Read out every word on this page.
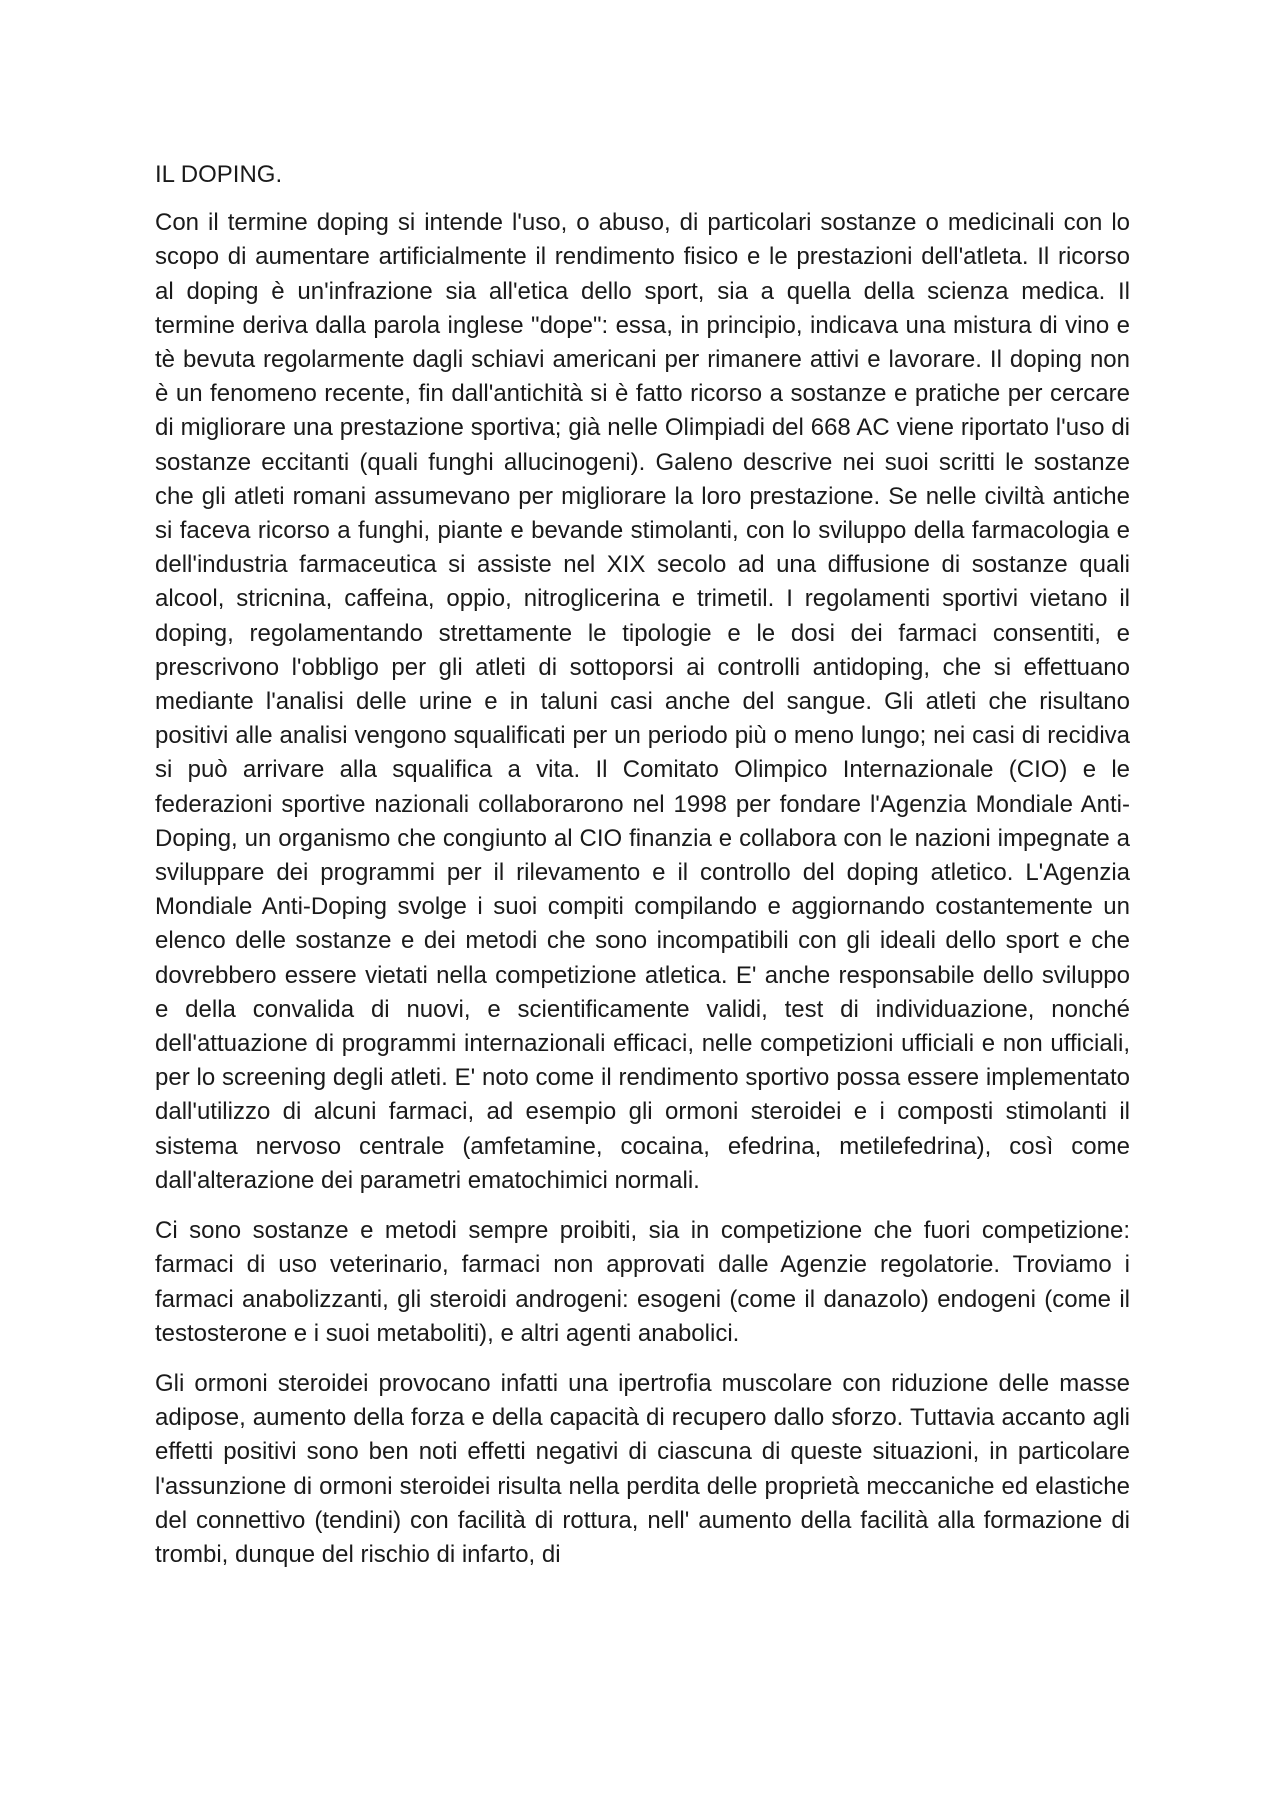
IL DOPING.

Con il termine doping si intende l'uso, o abuso, di particolari sostanze o medicinali con lo scopo di aumentare artificialmente il rendimento fisico e le prestazioni dell'atleta. Il ricorso al doping è un'infrazione sia all'etica dello sport, sia a quella della scienza medica. Il termine deriva dalla parola inglese "dope": essa, in principio, indicava una mistura di vino e tè bevuta regolarmente dagli schiavi americani per rimanere attivi e lavorare. Il doping non è un fenomeno recente, fin dall'antichità si è fatto ricorso a sostanze e pratiche per cercare di migliorare una prestazione sportiva; già nelle Olimpiadi del 668 AC viene riportato l'uso di sostanze eccitanti (quali funghi allucinogeni). Galeno descrive nei suoi scritti le sostanze che gli atleti romani assumevano per migliorare la loro prestazione. Se nelle civiltà antiche si faceva ricorso a funghi, piante e bevande stimolanti, con lo sviluppo della farmacologia e dell'industria farmaceutica si assiste nel XIX secolo ad una diffusione di sostanze quali alcool, stricnina, caffeina, oppio, nitroglicerina e trimetil. I regolamenti sportivi vietano il doping, regolamentando strettamente le tipologie e le dosi dei farmaci consentiti, e prescrivono l'obbligo per gli atleti di sottoporsi ai controlli antidoping, che si effettuano mediante l'analisi delle urine e in taluni casi anche del sangue. Gli atleti che risultano positivi alle analisi vengono squalificati per un periodo più o meno lungo; nei casi di recidiva si può arrivare alla squalifica a vita. Il Comitato Olimpico Internazionale (CIO) e le federazioni sportive nazionali collaborarono nel 1998 per fondare l'Agenzia Mondiale Anti-Doping, un organismo che congiunto al CIO finanzia e collabora con le nazioni impegnate a sviluppare dei programmi per il rilevamento e il controllo del doping atletico. L'Agenzia Mondiale Anti-Doping svolge i suoi compiti compilando e aggiornando costantemente un elenco delle sostanze e dei metodi che sono incompatibili con gli ideali dello sport e che dovrebbero essere vietati nella competizione atletica. E' anche responsabile dello sviluppo e della convalida di nuovi, e scientificamente validi, test di individuazione, nonché dell'attuazione di programmi internazionali efficaci, nelle competizioni ufficiali e non ufficiali, per lo screening degli atleti. E' noto come il rendimento sportivo possa essere implementato dall'utilizzo di alcuni farmaci, ad esempio gli ormoni steroidei e i composti stimolanti il sistema nervoso centrale (amfetamine, cocaina, efedrina, metilefedrina), così come dall'alterazione dei parametri ematochimici normali.

Ci sono sostanze e metodi sempre proibiti, sia in competizione che fuori competizione: farmaci di uso veterinario, farmaci non approvati dalle Agenzie regolatorie. Troviamo i farmaci anabolizzanti, gli steroidi androgeni: esogeni (come il danazolo) endogeni (come il testosterone e i suoi metaboliti), e altri agenti anabolici.

Gli ormoni steroidei provocano infatti una ipertrofia muscolare con riduzione delle masse adipose, aumento della forza e della capacità di recupero dallo sforzo. Tuttavia accanto agli effetti positivi sono ben noti effetti negativi di ciascuna di queste situazioni, in particolare l'assunzione di ormoni steroidei risulta nella perdita delle proprietà meccaniche ed elastiche del connettivo (tendini) con facilità di rottura, nell' aumento della facilità alla formazione di trombi, dunque del rischio di infarto, di
